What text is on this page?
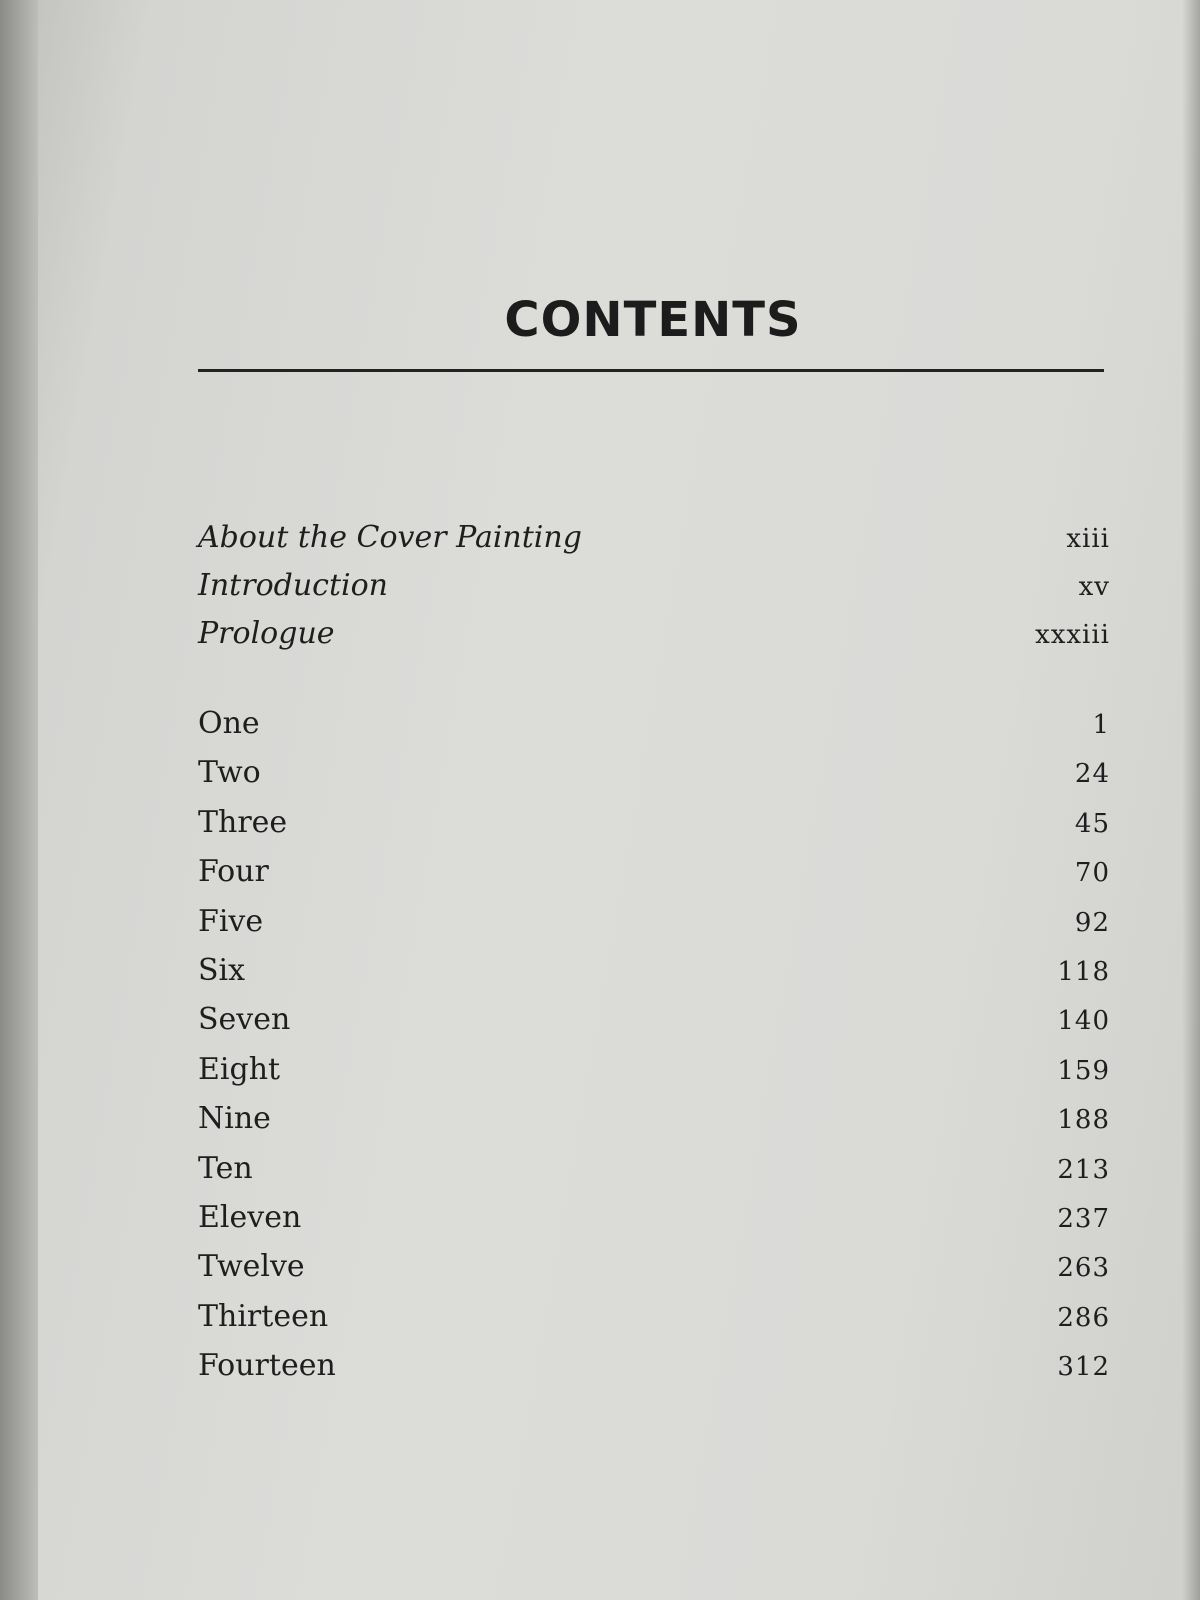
CONTENTS
About the Cover Painting	xiii
Introduction	xv
Prologue	xxxiii
One	1
Two	24
Three	45
Four	70
Five	92
Six	118
Seven	140
Eight	159
Nine	188
Ten	213
Eleven	237
Twelve	263
Thirteen	286
Fourteen	312
